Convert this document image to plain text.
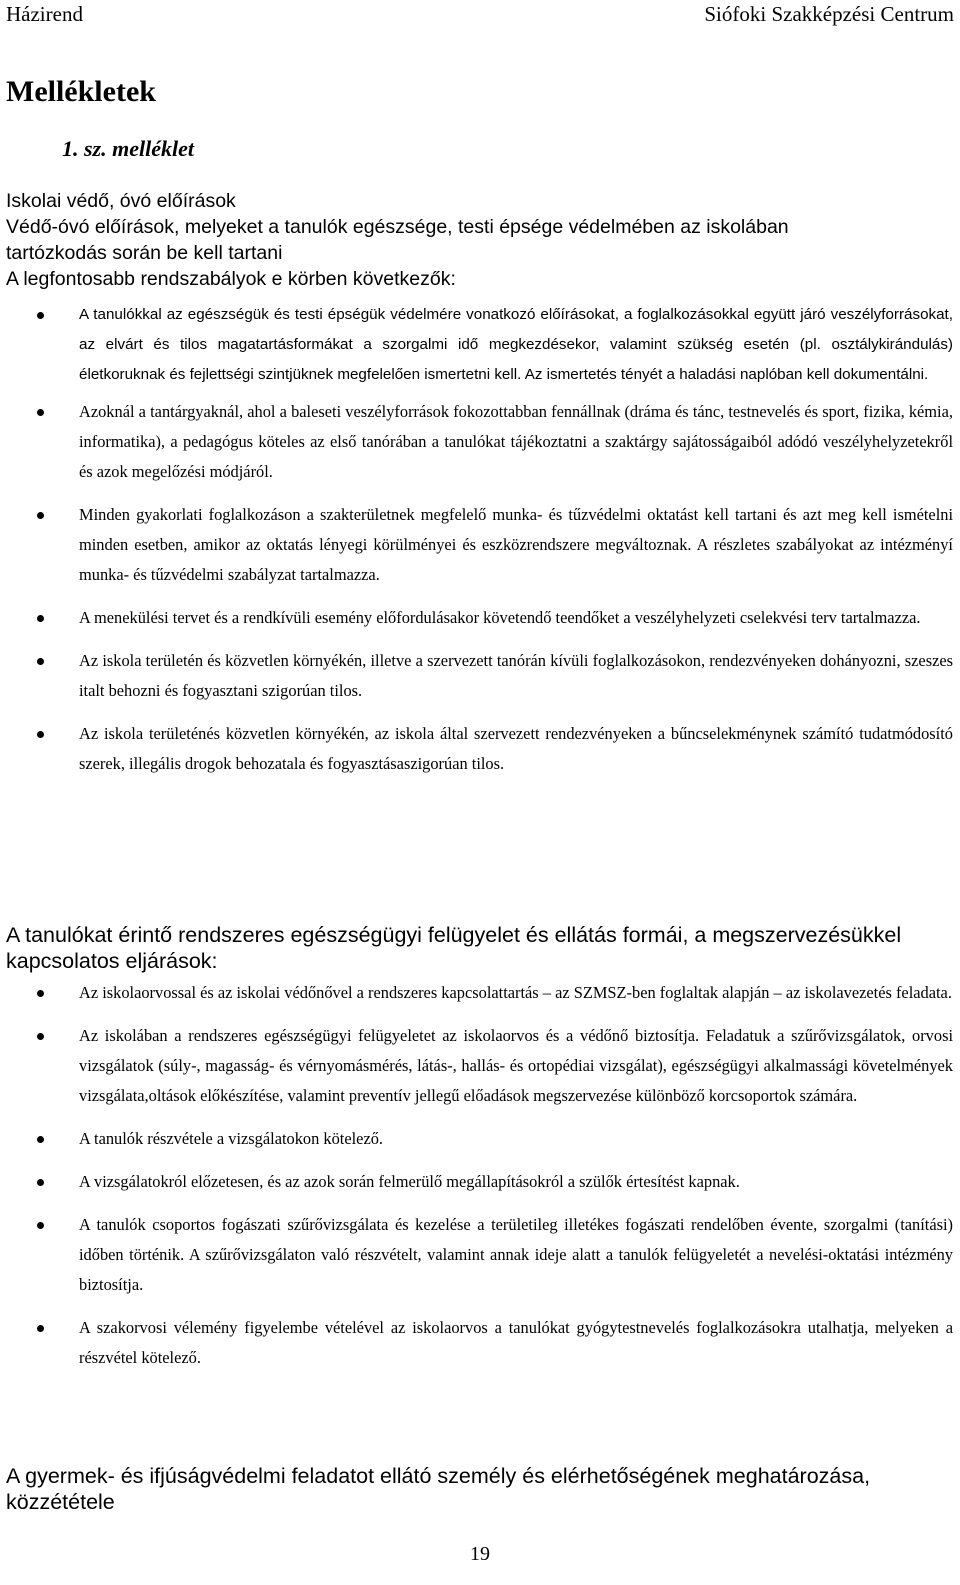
Házirend	Siófoki Szakképzési Centrum
Mellékletek
1. sz. melléklet
Iskolai védő, óvó előírások
Védő-óvó előírások, melyeket a tanulók egészsége, testi épsége védelmében az iskolában
tartózkodás során be kell tartani
A legfontosabb rendszabályok e körben következők:
A tanulókkal az egészségük és testi épségük védelmére vonatkozó előírásokat, a foglalkozásokkal együtt járó veszélyforrásokat, az elvárt és tilos magatartásformákat a szorgalmi idő megkezdésekor, valamint szükség esetén (pl. osztálykirándulás) életkoruknak és fejlettségi szintjüknek megfelelően ismertetni kell. Az ismertetés tényét a haladási naplóban kell dokumentálni.
Azoknál a tantárgyaknál, ahol a baleseti veszélyforrások fokozottabban fennállnak (dráma és tánc, testnevelés és sport, fizika, kémia, informatika), a pedagógus köteles az első tanórában a tanulókat tájékoztatni a szaktárgy sajátosságaiból adódó veszélyhelyzetekről és azok megelőzési módjáról.
Minden gyakorlati foglalkozáson a szakterületnek megfelelő munka- és tűzvédelmi oktatást kell tartani és azt meg kell ismételni minden esetben, amikor az oktatás lényegi körülményei és eszközrendszere megváltoznak. A részletes szabályokat az intézményí munka- és tűzvédelmi szabályzat tartalmazza.
A menekülési tervet és a rendkívüli esemény előfordulásakor követendő teendőket a veszélyhelyzeti cselekvési terv tartalmazza.
Az iskola területén és közvetlen környékén, illetve a szervezett tanórán kívüli foglalkozásokon, rendezvényeken dohányozni, szeszes italt behozni és fogyasztani szigorúan tilos.
Az iskola területénés közvetlen környékén, az iskola által szervezett rendezvényeken a bűncselekménynek számító tudatmódosító szerek, illegális drogok behozatala és fogyasztásaszigorúan tilos.
A tanulókat érintő rendszeres egészségügyi felügyelet és ellátás formái, a megszervezésükkel kapcsolatos eljárások:
Az iskolaorvossal és az iskolai védőnővel a rendszeres kapcsolattartás – az SZMSZ-ben foglaltak alapján – az iskolavezetés feladata.
Az iskolában a rendszeres egészségügyi felügyeletet az iskolaorvos és a védőnő biztosítja. Feladatuk a szűrővizsgálatok, orvosi vizsgálatok (súly-, magasság- és vérnyomásmérés, látás-, hallás- és ortopédiai vizsgálat), egészségügyi alkalmassági követelmények vizsgálata,oltások előkészítése, valamint preventív jellegű előadások megszervezése különböző korcsoportok számára.
A tanulók részvétele a vizsgálatokon kötelező.
A vizsgálatokról előzetesen, és az azok során felmerülő megállapításokról a szülők értesítést kapnak.
A tanulók csoportos fogászati szűrővizsgálata és kezelése a területileg illetékes fogászati rendelőben évente, szorgalmi (tanítási) időben történik. A szűrővizsgálaton való részvételt, valamint annak ideje alatt a tanulók felügyeletét a nevelési-oktatási intézmény biztosítja.
A szakorvosi vélemény figyelembe vételével az iskolaorvos a tanulókat gyógytestnevelés foglalkozásokra utalhatja, melyeken a részvétel kötelező.
A gyermek- és ifjúságvédelmi feladatot ellátó személy és elérhetőségének meghatározása, közzététele
19
